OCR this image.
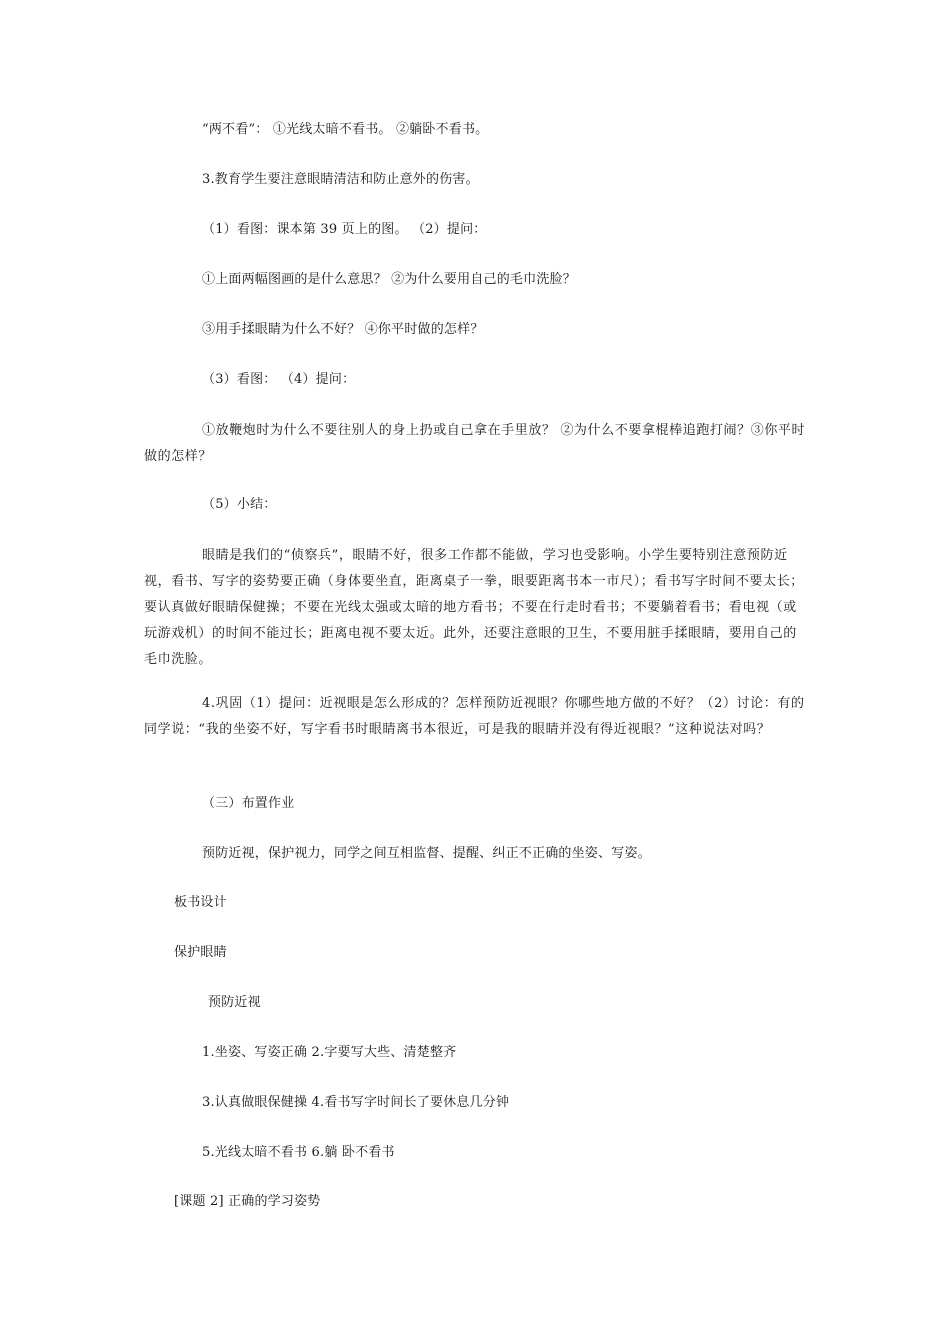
“两不看”： ①光线太暗不看书。 ②躺卧不看书。
3.教育学生要注意眼睛清洁和防止意外的伤害。
（1）看图：课本第 39 页上的图。 （2）提问：
①上面两幅图画的是什么意思？ ②为什么要用自己的毛巾洗脸？
③用手揉眼睛为什么不好？ ④你平时做的怎样？
（3）看图： （4）提问：
①放鞭炮时为什么不要往别人的身上扔或自己拿在手里放？ ②为什么不要拿棍棒追跑打闹？③你平时做的怎样？
（5）小结：
眼睛是我们的“侦察兵”，眼睛不好，很多工作都不能做，学习也受影响。小学生要特别注意预防近视，看书、写字的姿势要正确（身体要坐直，距离桌子一拳，眼要距离书本一市尺）；看书写字时间不要太长；要认真做好眼睛保健操；不要在光线太强或太暗的地方看书；不要在行走时看书；不要躺着看书；看电视（或玩游戏机）的时间不能过长；距离电视不要太近。此外，还要注意眼的卫生，不要用脏手揉眼睛，要用自己的毛巾洗脸。
4.巩固（1）提问：近视眼是怎么形成的？怎样预防近视眼？你哪些地方做的不好？（2）讨论：有的同学说：“我的坐姿不好，写字看书时眼睛离书本很近，可是我的眼睛并没有得近视眼？”这种说法对吗？
（三）布置作业
预防近视，保护视力，同学之间互相监督、提醒、纠正不正确的坐姿、写姿。
板书设计
保护眼睛
预防近视
1.坐姿、写姿正确 2.字要写大些、清楚整齐
3.认真做眼保健操 4.看书写字时间长了要休息几分钟
5.光线太暗不看书 6.躺 卧不看书
[课题 2] 正确的学习姿势
